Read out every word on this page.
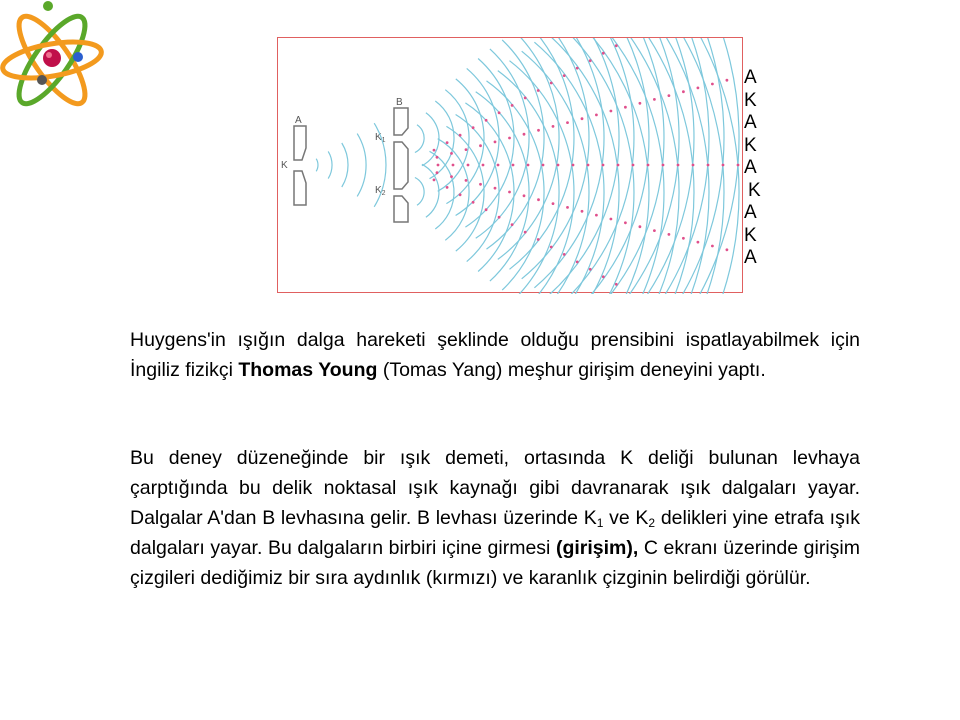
A
K
B
$K_1$
$K_2$
A
K
A
K
A
K
A
K
A

Huygens'in ışığın dalga hareketi şeklinde olduğu prensibini ispatlayabilmek için İngiliz fizikçi Thomas Young (Tomas Yang) meşhur girişim deneyini yaptı.

Bu deney düzeneğinde bir ışık demeti, ortasında K deliği bulunan levhaya çarptığında bu delik noktasal ışık kaynağı gibi davranarak ışık dalgaları yayar. Dalgalar A'dan B levhasına gelir. B levhası üzerinde $K_1$ ve $K_2$ delikleri yine etrafa ışık dalgaları yayar. Bu dalgaların birbiri içine girmesi (girişim), C ekranı üzerinde girişim çizgileri dediğimiz bir sıra aydınlık (kırmızı) ve karanlık çizginin belirdiği görülür.
